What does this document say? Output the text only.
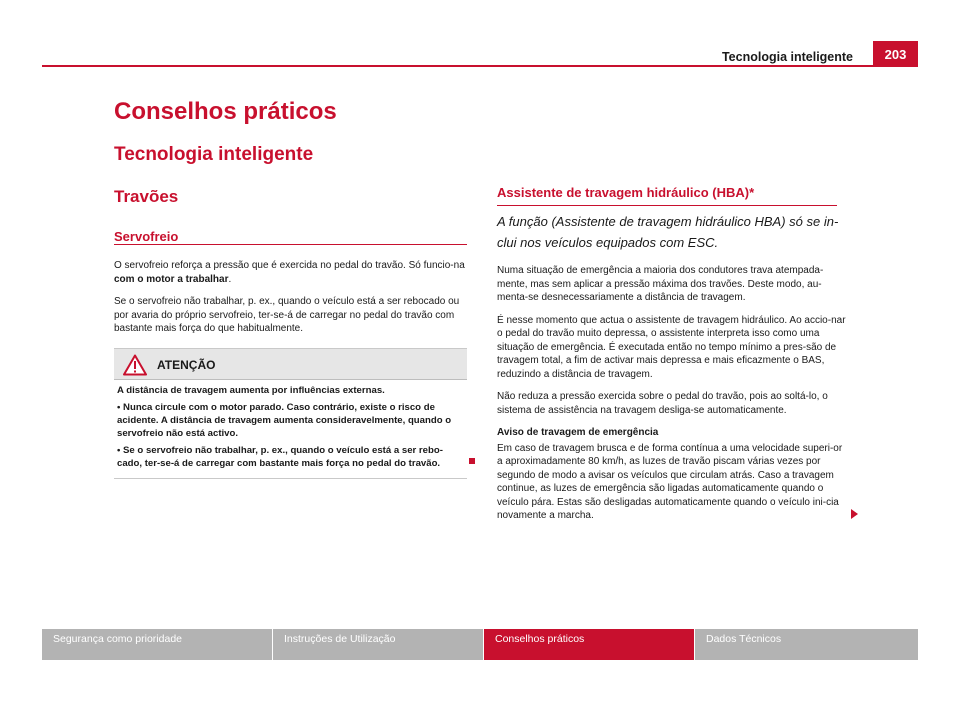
Tecnologia inteligente	203
Conselhos práticos
Tecnologia inteligente
Travões
Servofreio

O servofreio reforça a pressão que é exercida no pedal do travão. Só funcio-na com o motor a trabalhar.

Se o servofreio não trabalhar, p. ex., quando o veículo está a ser rebocado ou por avaria do próprio servofreio, ter-se-á de carregar no pedal do travão com bastante mais força do que habitualmente.

ATENÇÃO

A distância de travagem aumenta por influências externas.

• Nunca circule com o motor parado. Caso contrário, existe o risco de acidente. A distância de travagem aumenta consideravelmente, quando o servofreio não está activo.

• Se o servofreio não trabalhar, p. ex., quando o veículo está a ser rebo-cado, ter-se-á de carregar com bastante mais força no pedal do travão.

Assistente de travagem hidráulico (HBA)*
A função (Assistente de travagem hidráulico HBA) só se in-clui nos veículos equipados com ESC.

Numa situação de emergência a maioria dos condutores trava atempada-mente, mas sem aplicar a pressão máxima dos travões. Deste modo, au-menta-se desnecessariamente a distância de travagem.

É nesse momento que actua o assistente de travagem hidráulico. Ao accio-nar o pedal do travão muito depressa, o assistente interpreta isso como uma situação de emergência. É executada então no tempo mínimo a pres-são de travagem total, a fim de activar mais depressa e mais eficazmente o BAS, reduzindo a distância de travagem.

Não reduza a pressão exercida sobre o pedal do travão, pois ao soltá-lo, o sistema de assistência na travagem desliga-se automaticamente.

Aviso de travagem de emergência

Em caso de travagem brusca e de forma contínua a uma velocidade superi-or a aproximadamente 80 km/h, as luzes de travão piscam várias vezes por segundo de modo a avisar os veículos que circulam atrás. Caso a travagem continue, as luzes de emergência são ligadas automaticamente quando o veículo pára. Estas são desligadas automaticamente quando o veículo ini-cia novamente a marcha.

Segurança como prioridade	Instruções de Utilização	Conselhos práticos	Dados Técnicos
